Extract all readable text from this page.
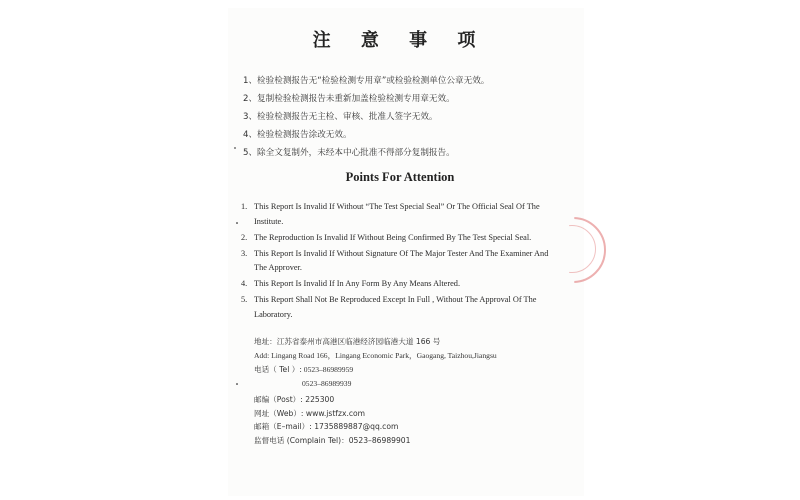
注 意 事 项
1、检验检测报告无“检验检测专用章”或检验检测单位公章无效。
2、复制检验检测报告未重新加盖检验检测专用章无效。
3、检验检测报告无主检、审核、批准人签字无效。
4、检验检测报告涂改无效。
5、除全文复制外，未经本中心批准不得部分复制报告。
Points For Attention
1. This Report Is Invalid If Without “The Test Special Seal” Or The Official Seal Of The Institute.
2. The Reproduction Is Invalid If Without Being Confirmed By The Test Special Seal.
3. This Report Is Invalid If Without Signature Of The Major Tester And The Examiner And The Approver.
4. This Report Is Invalid If In Any Form By Any Means Altered.
5. This Report Shall Not Be Reproduced Except In Full , Without The Approval Of The Laboratory.
地址：江苏省泰州市高港区临港经济园临港大道 166 号
Add: Lingang Road 166，Lingang Economic Park，Gaogang, Taizhou,Jiangsu
电话（ Tel ）: 0523–86989959
0523–86989939
邮编（Post）: 225300
网址（Web）: www.jstfzx.com
邮箱（E–mail）: 1735889887@qq.com
监督电话 (Complain Tel)：0523–86989901
